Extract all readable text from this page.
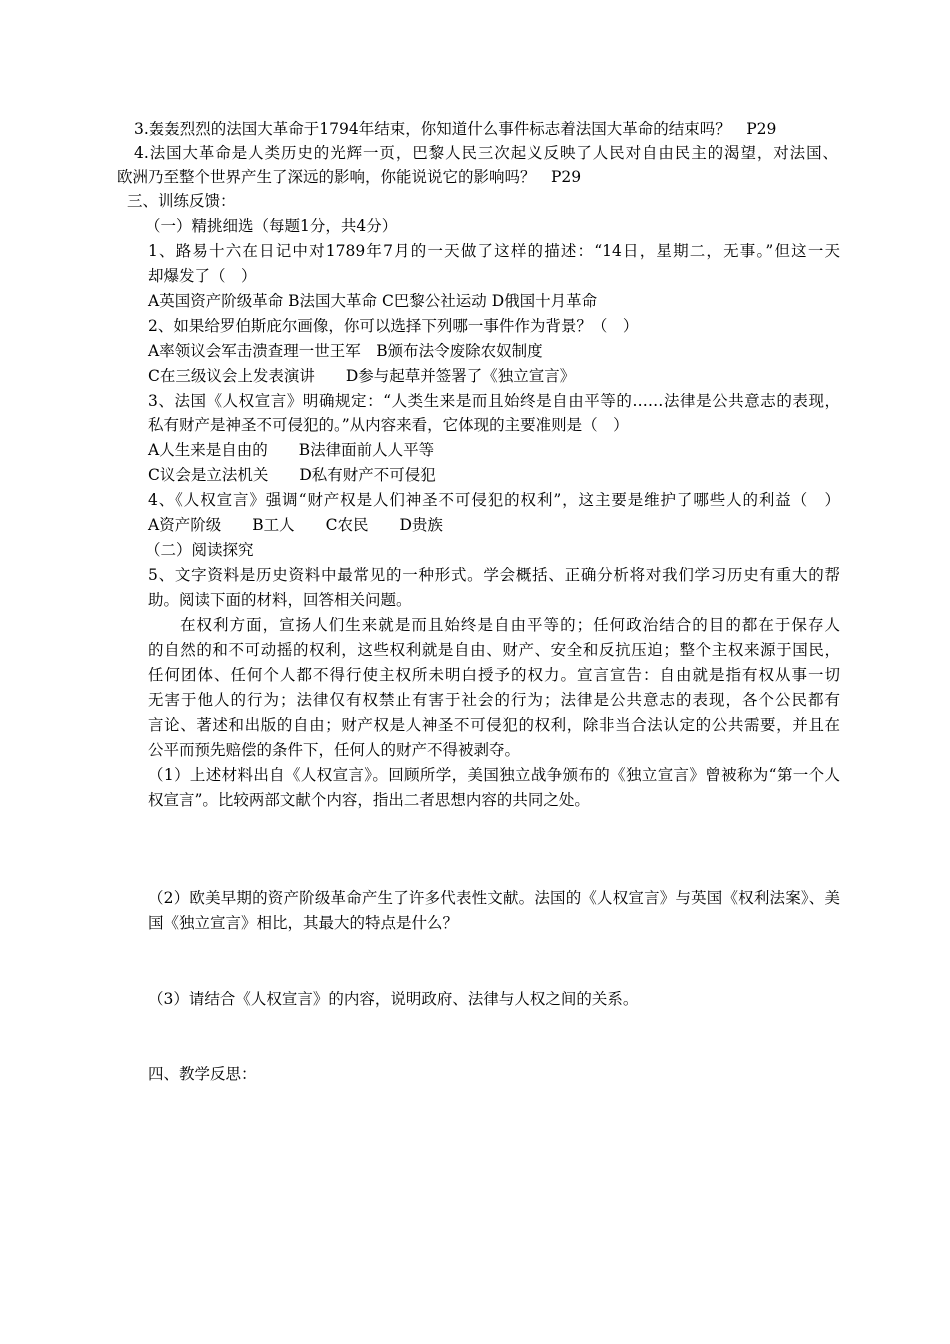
3.轰轰烈烈的法国大革命于1794年结束，你知道什么事件标志着法国大革命的结束吗？　P29
4.法国大革命是人类历史的光辉一页，巴黎人民三次起义反映了人民对自由民主的渴望，对法国、
欧洲乃至整个世界产生了深远的影响，你能说说它的影响吗？　P29
三、训练反馈：
（一）精挑细选（每题1分，共4分）
1、路易十六在日记中对1789年7月的一天做了这样的描述：“14日，星期二，无事。”但这一天
却爆发了（　）
A英国资产阶级革命 B法国大革命 C巴黎公社运动 D俄国十月革命
2、如果给罗伯斯庇尔画像，你可以选择下列哪一事件作为背景？（　）
A率领议会军击溃查理一世王军　B颁布法令废除农奴制度
C在三级议会上发表演讲　　D参与起草并签署了《独立宣言》
3、法国《人权宣言》明确规定：“人类生来是而且始终是自由平等的……法律是公共意志的表现，
私有财产是神圣不可侵犯的。”从内容来看，它体现的主要准则是（　）
A人生来是自由的　　B法律面前人人平等
C议会是立法机关　　D私有财产不可侵犯
4、《人权宣言》强调“财产权是人们神圣不可侵犯的权利”，这主要是维护了哪些人的利益（　）
A资产阶级　　B工人　　C农民　　D贵族
（二）阅读探究
5、文字资料是历史资料中最常见的一种形式。学会概括、正确分析将对我们学习历史有重大的帮
助。阅读下面的材料，回答相关问题。
在权利方面，宣扬人们生来就是而且始终是自由平等的；任何政治结合的目的都在于保存人
的自然的和不可动摇的权利，这些权利就是自由、财产、安全和反抗压迫；整个主权来源于国民，
任何团体、任何个人都不得行使主权所未明白授予的权力。宣言宣告：自由就是指有权从事一切
无害于他人的行为；法律仅有权禁止有害于社会的行为；法律是公共意志的表现，各个公民都有
言论、著述和出版的自由；财产权是人神圣不可侵犯的权利，除非当合法认定的公共需要，并且在
公平而预先赔偿的条件下，任何人的财产不得被剥夺。
（1）上述材料出自《人权宣言》。回顾所学，美国独立战争颁布的《独立宣言》曾被称为“第一个人
权宣言”。比较两部文献个内容，指出二者思想内容的共同之处。
（2）欧美早期的资产阶级革命产生了许多代表性文献。法国的《人权宣言》与英国《权利法案》、美
国《独立宣言》相比，其最大的特点是什么？
（3）请结合《人权宣言》的内容，说明政府、法律与人权之间的关系。
四、教学反思：
